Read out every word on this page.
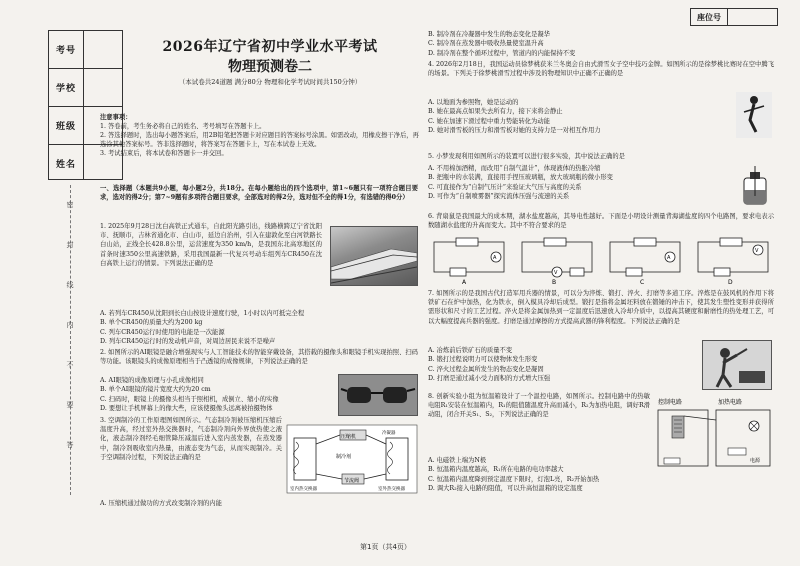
座位号
考号
学校
班级
姓名
密
封
线
内
不
要
答
2026年辽宁省初中学业水平考试
物理预测卷二
（本试卷共24道题 满分80分 物理和化学考试时间共150分钟）

注意事项：

1. 答卷前，考生务必将自己的姓名、考号填写在答题卡上。

2. 答选择题时，选出每小题答案后，用2B铅笔把答题卡对应题目的答案标号涂黑。如需改动，用橡皮擦干净后，再选涂其他答案标号。答非选择题时，将答案写在答题卡上，写在本试卷上无效。

3. 考试结束后，将本试卷和答题卡一并交回。

一、选择题（本题共9小题，每小题2分，共18分。在每小题给出的四个选项中，第1~6题只有一项符合题目要求，选对的得2分；第7~9题有多项符合题目要求，全部选对的得2分，选对但不全的得1分，有选错的得0分）

1. 2025年9月28日沈白高铁正式通车，自此阳光路引出，线路横跨辽宁省沈阳市、抚顺市，吉林省通化市、白山市，延边自治州，引入在建敦化至白河铁路长白山站，正线全长428.8公里，运营速度为350 km/h，是我国东北高寒地区的首条时速350公里高速铁路，采用我国最新一代复兴号动车组列车CR450在沈白高铁上运行的情景。下列说法正确的是

A. 若列车CR450从沈阳到长白山按设计速度行驶，1小时以内可抵完全程

B. 单个CR450的质量大约为200 kg

C. 列车CR450运行时使用的电能是一次能源

D. 列车CR450运行时的发动机声音，对周边居民来说不是噪声

2. 如图所示的AI眼镜是融合增强现实与人工智能技术的智能穿戴设备，其搭载的摄像头和眼镜手机实现拍照、扫码等功能。该眼镜头的成像原理相当于凸透镜的成像规律，下列说法正确的是

A. AI眼镜的成像原理与小孔成像相同

B. 单个AI眼镜的镜片宽度大约为20 cm

C. 扫码时，眼镜上的摄像头相当于照相机，成倒立、缩小的实像

D. 要想让手机屏幕上的像大些，应该使摄像头远离被拍摄物体

3. 空调制冷的工作原理图如图所示。气态制冷剂被压缩机压缩后温度升高，经过室外热交换器时，气态制冷剂向外界放热使之液化，液态制冷剂经毛细管降压减温后进入室内蒸发器，在蒸发器中，制冷剂吸收室内热量，由液态变为气态，从而实现制冷。关于空调制冷过程，下列说法正确的是

压缩机
节流阀
室内热交换器	室外热交换器
制冷剂
冷凝器

A. 压缩机通过做功的方式改变制冷剂的内能

B. 制冷剂在冷凝器中发生的物态变化是凝华

C. 制冷剂在蒸发器中吸收热量使室温升高

D. 制冷剂在整个循环过程中，管道内的内能保持不变

4. 2026年2月18日，我国运动员徐梦桃获米兰冬奥会自由式滑雪女子空中技巧金牌。如图所示的是徐梦桃比赛时在空中腾飞的场景。下列关于徐梦桃滑雪过程中涉及的物理知识中正确不正确的是

A. 以地面为参照物，她是运动的

B. 她在最高点如果失去所有力，接下来将会静止

C. 她在加速下滑过程中重力势能转化为动能

D. 她对滑雪板的压力和滑雪板对她的支持力是一对相互作用力

5. 小梦发现利用如图所示的装置可以进行很多实验，其中说法正确的是

A. 不用棉加酒精，而改用“自制气温计”，体现液体的热胀冷缩

B. 把瓶中的水装满，直接用手捏压玻璃瓶，放大玻璃瓶的微小形变

C. 可直接作为“自制气压计”来验证大气压与高度的关系

D. 可作为“自制喷雾器”探究流体压强与流速的关系

6. 背扇鼠是我国最大的成本期，湖水盐度越高，其导电性越好。下面是小明设计测量背海湖盐度的四个电路图，要求电表示数随湖水盐度的升高而变大。其中不符合要求的是

A
A
V
B
A
C
V
D

7. 如图所示的是我国古代打造军用兵器的情景，可以分为淬炼、锻打、淬火、打磨等多道工序。淬炼是在鼓风机的作用下将铁矿石在炉中加热，化为铁水，倒入模具冷却后成型。锻打是指将金属坯料放在锻锤的冲击下，使其发生塑性变形并获得所需形状和尺寸的工艺过程。淬火是将金属加热到一定温度后迅速放入冷却介质中，以提高其硬度和耐磨性的热处理工艺，可以大幅度提高兵器的强度。打磨是通过摩擦的方式提高武器的锋利程度。下列说法正确的是

A. 冶炼前后铁矿石的质量不变

B. 锻打过程说明力可以使物体发生形变

C. 淬火过程金属所发生的物态变化是凝固

D. 打磨是通过减小受力面积的方式增大压强

8. 创新实验小组为恒温箱设计了一个温控电路，如图所示。控制电路中的热敏电阻R₁安装在恒温箱内，R₁的阻值随温度升高而减小，R₂为加热电阻，调好R滑动阻，闭合开关S₁、S₂，下列说法正确的是

控制电路	加热电路
电源

A. 电磁铁上端为N极

B. 恒温箱内温度越高，R₁所在电路的电功率越大

C. 恒温箱内温度降到预定温度下限时，灯泡L亮，R₂开始加热

D. 调大R₂接入电路的阻值，可以升高恒温箱的设定温度

第1页（共4页）
